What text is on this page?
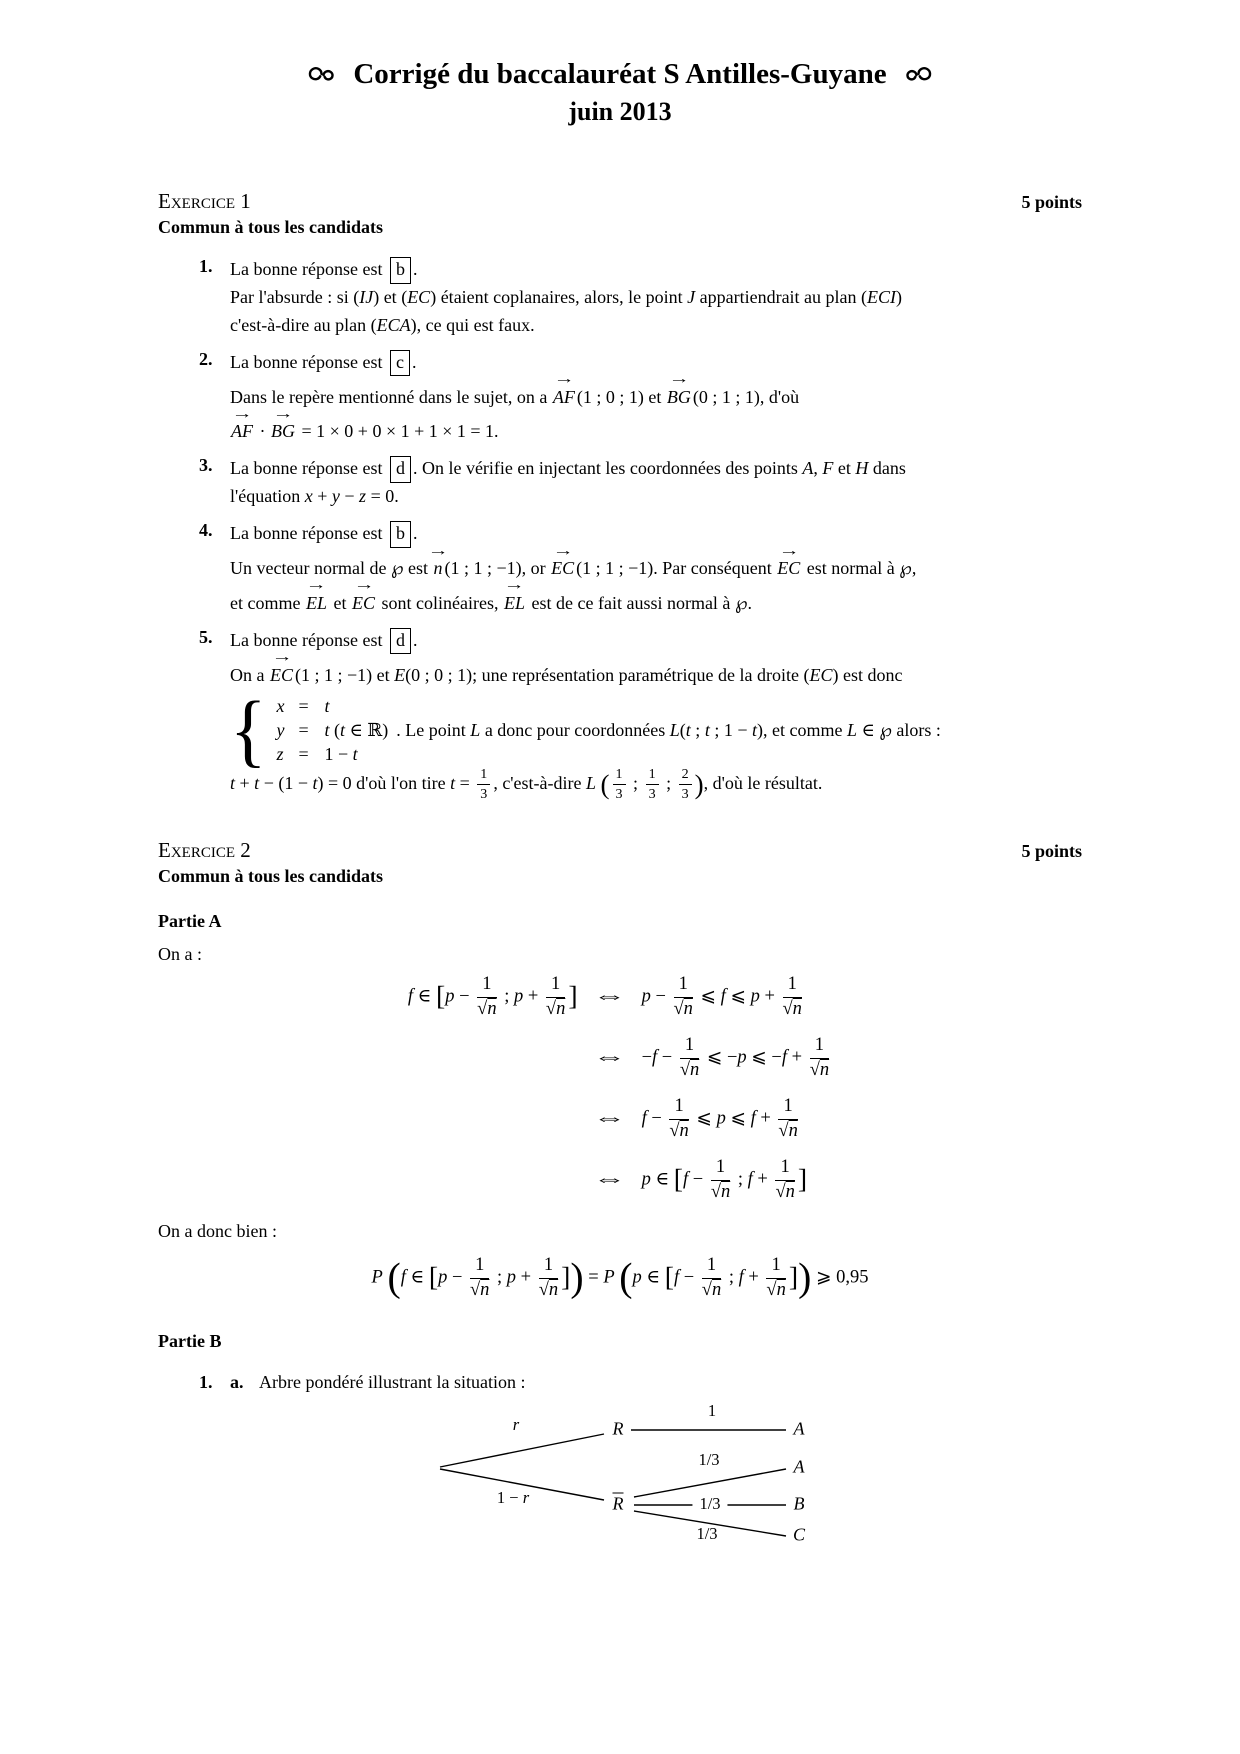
Corrigé du baccalauréat S Antilles-Guyane
juin 2013
Exercice 1	5 points
Commun à tous les candidats
1. La bonne réponse est b .
Par l'absurde : si (IJ) et (EC) étaient coplanaires, alors, le point J appartiendrait au plan (ECI)
c'est-à-dire au plan (ECA), ce qui est faux.
2. La bonne réponse est c .
Dans le repère mentionné dans le sujet, on a → AF (1 ; 0 ; 1) et → BG (0 ; 1 ; 1), d'où
→ AF · → BG = 1 × 0 + 0 × 1 + 1 × 1 = 1.
3. La bonne réponse est d . On le vérifie en injectant les coordonnées des points A, F et H dans
l'équation x + y − z = 0.
4. La bonne réponse est b .
Un vecteur normal de ℘ est → n (1 ; 1 ; −1), or → EC (1 ; 1 ; −1). Par conséquent → EC est normal à ℘,
et comme → EL et → EC sont colinéaires, → EL est de ce fait aussi normal à ℘.
5. La bonne réponse est d .
On a → EC (1 ; 1 ; −1) et E(0 ; 0 ; 1); une représentation paramétrique de la droite (EC) est donc
{ x = t
y = t (t ∈ ℝ)
z = 1 − t
. Le point L a donc pour coordonnées L(t ; t ; 1 − t), et comme L ∈ ℘ alors :
t + t − (1 − t) = 0 d'où l'on tire $t = \frac{1}{3}$ , c'est-à-dire L ( $\frac{1}{3}$ ; $\frac{1}{3}$ ; $\frac{2}{3}$ ), d'où le résultat.
Exercice 2	5 points
Commun à tous les candidats
Partie A
On a :
f ∈ [$p - \frac{1}{√n}$ ; $p + \frac{1}{√n}$ ] ⇔ $p - \frac{1}{√n}$ ⩽ f ⩽ $p + \frac{1}{√n}$
⇔ $-f - \frac{1}{√n}$ ⩽ −p ⩽ $-f + \frac{1}{√n}$
⇔ $f - \frac{1}{√n}$ ⩽ p ⩽ $f + \frac{1}{√n}$
⇔ p ∈ [$f - \frac{1}{√n}$ ; $f + \frac{1}{√n}$ ]
On a donc bien :
P (f ∈ [$p - \frac{1}{√n}$ ; $p + \frac{1}{√n}$ ]) = P (p ∈ [$f - \frac{1}{√n}$ ; $f + \frac{1}{√n}$ ]) ⩾ 0,95
Partie B
1. a. Arbre pondéré illustrant la situation :
r
1 − r
R
$\overline{R}$
1
1/3
1/3
1/3
A
A
B
C
